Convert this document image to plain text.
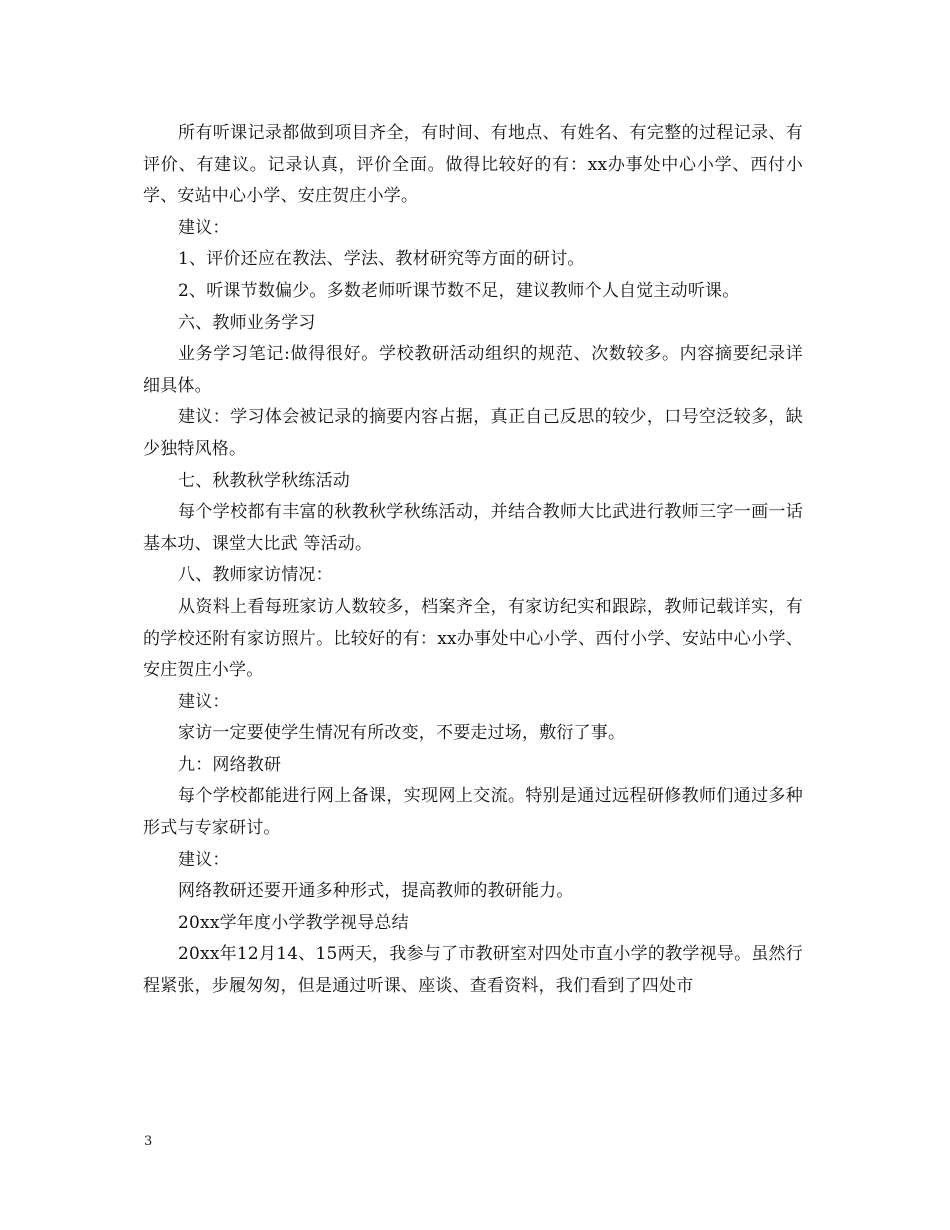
所有听课记录都做到项目齐全，有时间、有地点、有姓名、有完整的过程记录、有评价、有建议。记录认真，评价全面。做得比较好的有：xx办事处中心小学、西付小学、安站中心小学、安庄贺庄小学。

建议：

1、评价还应在教法、学法、教材研究等方面的研讨。

2、听课节数偏少。多数老师听课节数不足，建议教师个人自觉主动听课。

六、教师业务学习

业务学习笔记:做得很好。学校教研活动组织的规范、次数较多。内容摘要纪录详细具体。

建议：学习体会被记录的摘要内容占据，真正自己反思的较少，口号空泛较多，缺少独特风格。

七、秋教秋学秋练活动

每个学校都有丰富的秋教秋学秋练活动，并结合教师大比武进行教师三字一画一话基本功、课堂大比武 等活动。

八、教师家访情况：

从资料上看每班家访人数较多，档案齐全，有家访纪实和跟踪，教师记载详实，有的学校还附有家访照片。比较好的有：xx办事处中心小学、西付小学、安站中心小学、安庄贺庄小学。

建议：

家访一定要使学生情况有所改变，不要走过场，敷衍了事。

九：网络教研

每个学校都能进行网上备课，实现网上交流。特别是通过远程研修教师们通过多种形式与专家研讨。

建议：

网络教研还要开通多种形式，提高教师的教研能力。

20xx学年度小学教学视导总结

20xx年12月14、15两天，我参与了市教研室对四处市直小学的教学视导。虽然行程紧张，步履匆匆，但是通过听课、座谈、查看资料，我们看到了四处市

3
